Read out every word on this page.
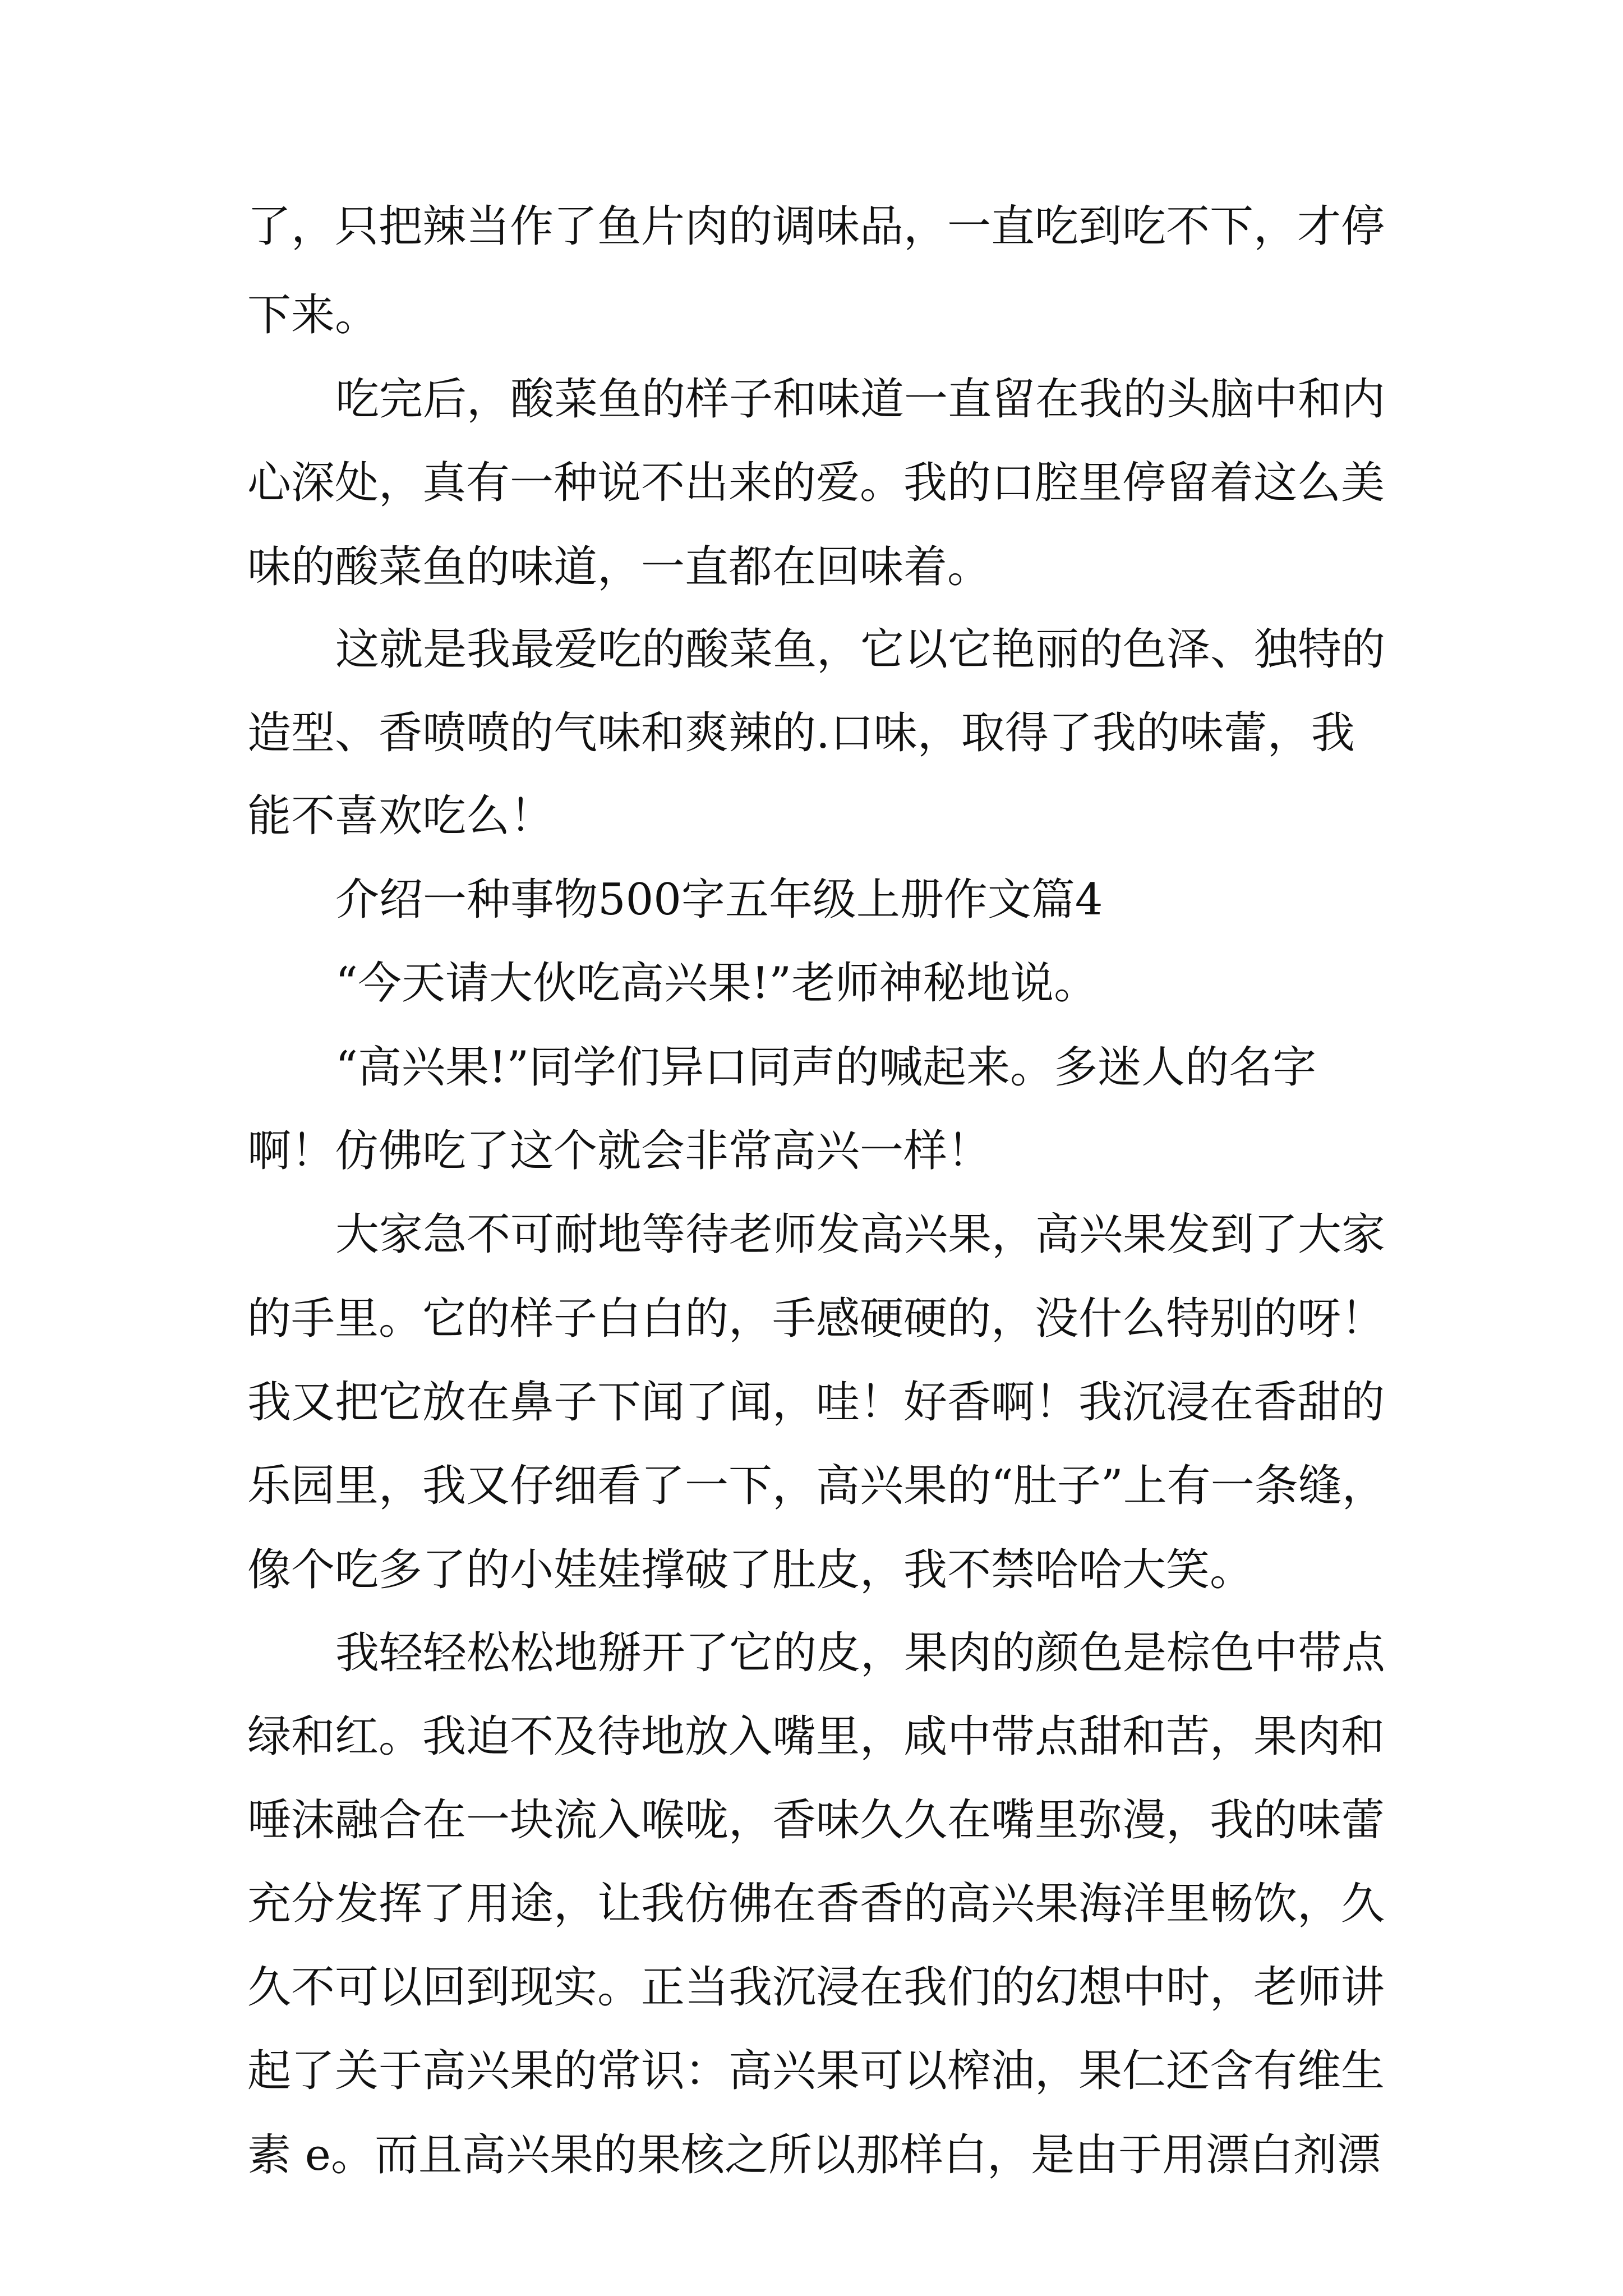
了，只把辣当作了鱼片肉的调味品，一直吃到吃不下，才停
下来。
吃完后，酸菜鱼的样子和味道一直留在我的头脑中和内
心深处，真有一种说不出来的爱。我的口腔里停留着这么美
味的酸菜鱼的味道，一直都在回味着。
这就是我最爱吃的酸菜鱼，它以它艳丽的色泽、独特的
造型、香喷喷的气味和爽辣的.口味，取得了我的味蕾，我
能不喜欢吃么！
介绍一种事物500字五年级上册作文篇4
“今天请大伙吃高兴果!”老师神秘地说。
“高兴果!”同学们异口同声的喊起来。多迷人的名字
啊！仿佛吃了这个就会非常高兴一样！
大家急不可耐地等待老师发高兴果，高兴果发到了大家
的手里。它的样子白白的，手感硬硬的，没什么特别的呀！
我又把它放在鼻子下闻了闻，哇！好香啊！我沉浸在香甜的
乐园里，我又仔细看了一下，高兴果的“肚子”上有一条缝，
像个吃多了的小娃娃撑破了肚皮，我不禁哈哈大笑。
我轻轻松松地掰开了它的皮，果肉的颜色是棕色中带点
绿和红。我迫不及待地放入嘴里，咸中带点甜和苦，果肉和
唾沫融合在一块流入喉咙，香味久久在嘴里弥漫，我的味蕾
充分发挥了用途，让我仿佛在香香的高兴果海洋里畅饮，久
久不可以回到现实。正当我沉浸在我们的幻想中时，老师讲
起了关于高兴果的常识：高兴果可以榨油，果仁还含有维生
素 e。而且高兴果的果核之所以那样白，是由于用漂白剂漂
